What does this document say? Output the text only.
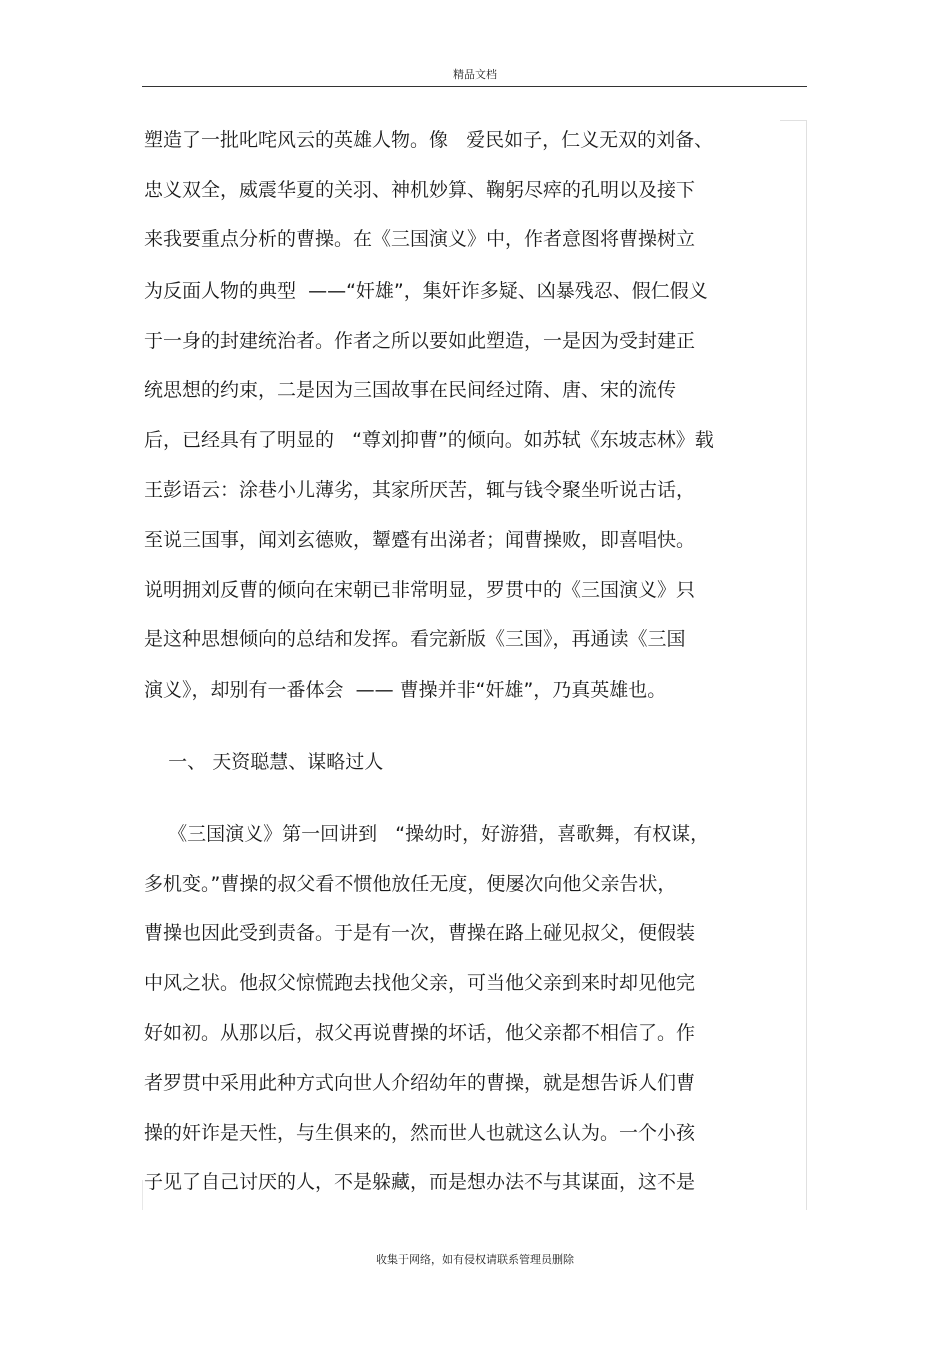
精品文档
塑造了一批叱咤风云的英雄人物。像   爱民如子，仁义无双的刘备、
忠义双全，威震华夏的关羽、神机妙算、鞠躬尽瘁的孔明以及接下
来我要重点分析的曹操。在《三国演义》中，作者意图将曹操树立
为反面人物的典型  ——“奸雄”，集奸诈多疑、凶暴残忍、假仁假义
于一身的封建统治者。作者之所以要如此塑造，一是因为受封建正
统思想的约束，二是因为三国故事在民间经过隋、唐、宋的流传
后，已经具有了明显的   “尊刘抑曹”的倾向。如苏轼《东坡志林》载
王彭语云：涂巷小儿薄劣，其家所厌苦，辄与钱令聚坐听说古话，
至说三国事，闻刘玄德败，颦蹙有出涕者；闻曹操败，即喜唱快。
说明拥刘反曹的倾向在宋朝已非常明显，罗贯中的《三国演义》只
是这种思想倾向的总结和发挥。看完新版《三国》，再通读《三国
演义》，却别有一番体会  —— 曹操并非“奸雄”，乃真英雄也。
一、 天资聪慧、谋略过人
《三国演义》第一回讲到   “操幼时，好游猎，喜歌舞，有权谋，
多机变。”曹操的叔父看不惯他放任无度，便屡次向他父亲告状，
曹操也因此受到责备。于是有一次，曹操在路上碰见叔父，便假装
中风之状。他叔父惊慌跑去找他父亲，可当他父亲到来时却见他完
好如初。从那以后，叔父再说曹操的坏话，他父亲都不相信了。作
者罗贯中采用此种方式向世人介绍幼年的曹操，就是想告诉人们曹
操的奸诈是天性，与生俱来的，然而世人也就这么认为。一个小孩
子见了自己讨厌的人，不是躲藏，而是想办法不与其谋面，这不是
收集于网络，如有侵权请联系管理员删除
